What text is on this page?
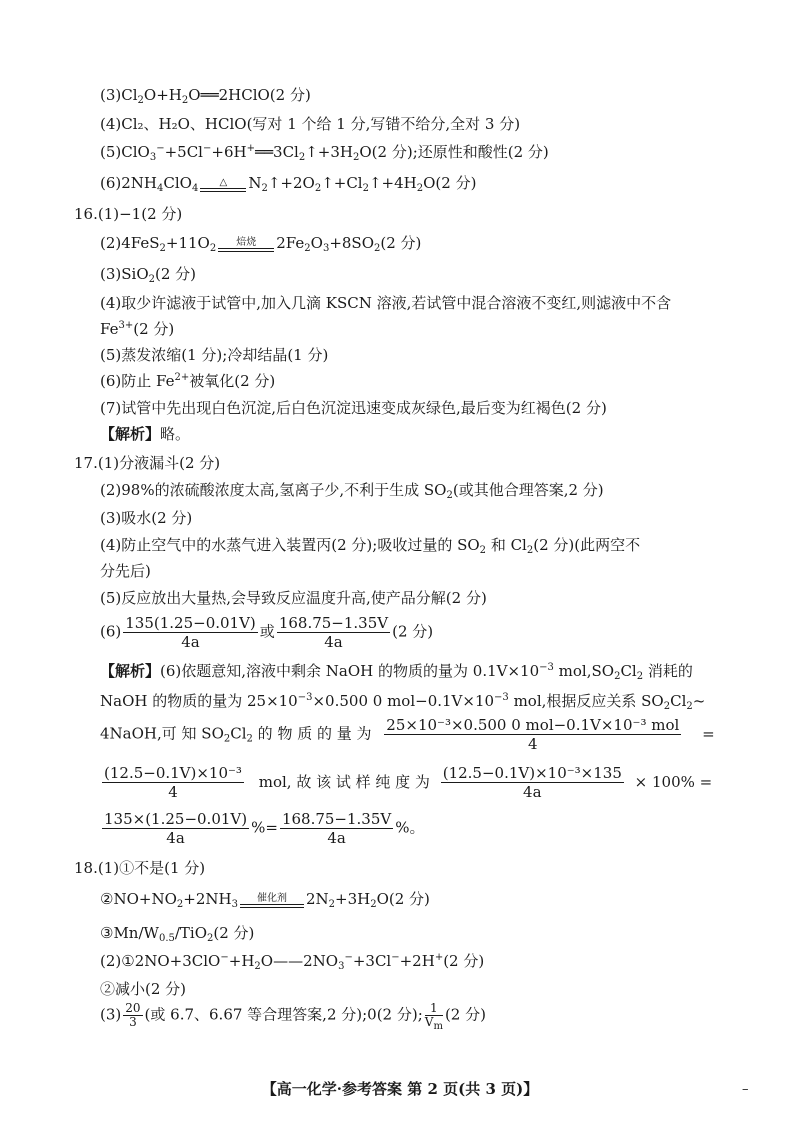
$(3)Cl_2O+H_2O══2HClO(2$ 分)
(4)Cl₂、H₂O、HClO(写对 1 个给 1 分,写错不给分,全对 3 分)
$(5)ClO_3^-+5Cl^-+6H^+══3Cl_2↑+3H_2O(2$ 分);还原性和酸性(2 分)
$(6)2NH_4ClO_4$
△	$N_2↑+2O_2↑+Cl_2↑+4H_2O(2$ 分)
16.(1)−1(2 分)
$(2)4FeS_2+11O_2$
焙烧	$2Fe_2O_3+8SO_2(2$ 分)
(3)SiO$_2$(2 分)
(4)取少许滤液于试管中,加入几滴 KSCN 溶液,若试管中混合溶液不变红,则滤液中不含
$Fe^{3+}(2$ 分)
(5)蒸发浓缩(1 分);冷却结晶(1 分)
(6)防止 $Fe^{2+}$被氧化(2 分)
(7)试管中先出现白色沉淀,后白色沉淀迅速变成灰绿色,最后变为红褐色(2 分)
【解析】略。
17.(1)分液漏斗(2 分)
(2)98%的浓硫酸浓度太高,氢离子少,不利于生成 $SO_2$(或其他合理答案,2 分)
(3)吸水(2 分)
(4)防止空气中的水蒸气进入装置丙(2 分);吸收过量的 $SO_2$ 和 $Cl_2(2$ 分)(此两空不
分先后)
(5)反应放出大量热,会导致反应温度升高,使产品分解(2 分)
$(6) \frac{135(1.25-0.01V)}{4a}$ 或 $\frac{168.75-1.35V}{4a} (2$ 分)
【解析】(6)依题意知,溶液中剩余 NaOH 的物质的量为 $0.1V\times 10^{-3}$ $mol,SO_2Cl_2$ 消耗的
NaOH 的物质的量为 $25\times 10^{-3}\times 0.500$ 0 $mol-0.1V\times 10^{-3}$ mol,根据反应关系 $SO_2Cl_2\sim$
4NaOH,可 知 $SO_2Cl_2$ 的 物 质 的 量 为 $\frac{\text{25×10⁻³×0.500 0 mol−0.1V×10⁻³ mol}}{4}$ =
$\frac{\text{(12.5−0.1V)×10⁻³}}{4}$ mol, 故 该 试 样 纯 度 为 $\frac{\text{(12.5−0.1V)×10⁻³×135}}{4a} \times 100\%$ =
$\frac{135\times(1.25-0.01V)}{4a}$ %= $\frac{168.75-1.35V}{4a}$ %。
18.(1)①不是(1 分)
$②NO+NO_2+2NH_3$
催化剂	$2N_2+3H_2O(2$ 分)
③Mn/$W_{0.5}/TiO_2(2$ 分)
$(2)①2NO+3ClO^-+H_2O——2NO_3^-+3Cl^-+2H^+(2$ 分)
②减小(2 分)
$(3) \frac{20}{3}$ (或 6.7、6.67 等合理答案,2 分);0(2 分); $\frac{1}{V_m} (2$ 分)
【高一化学·参考答案 第 2 页(共 3 页)】	–
